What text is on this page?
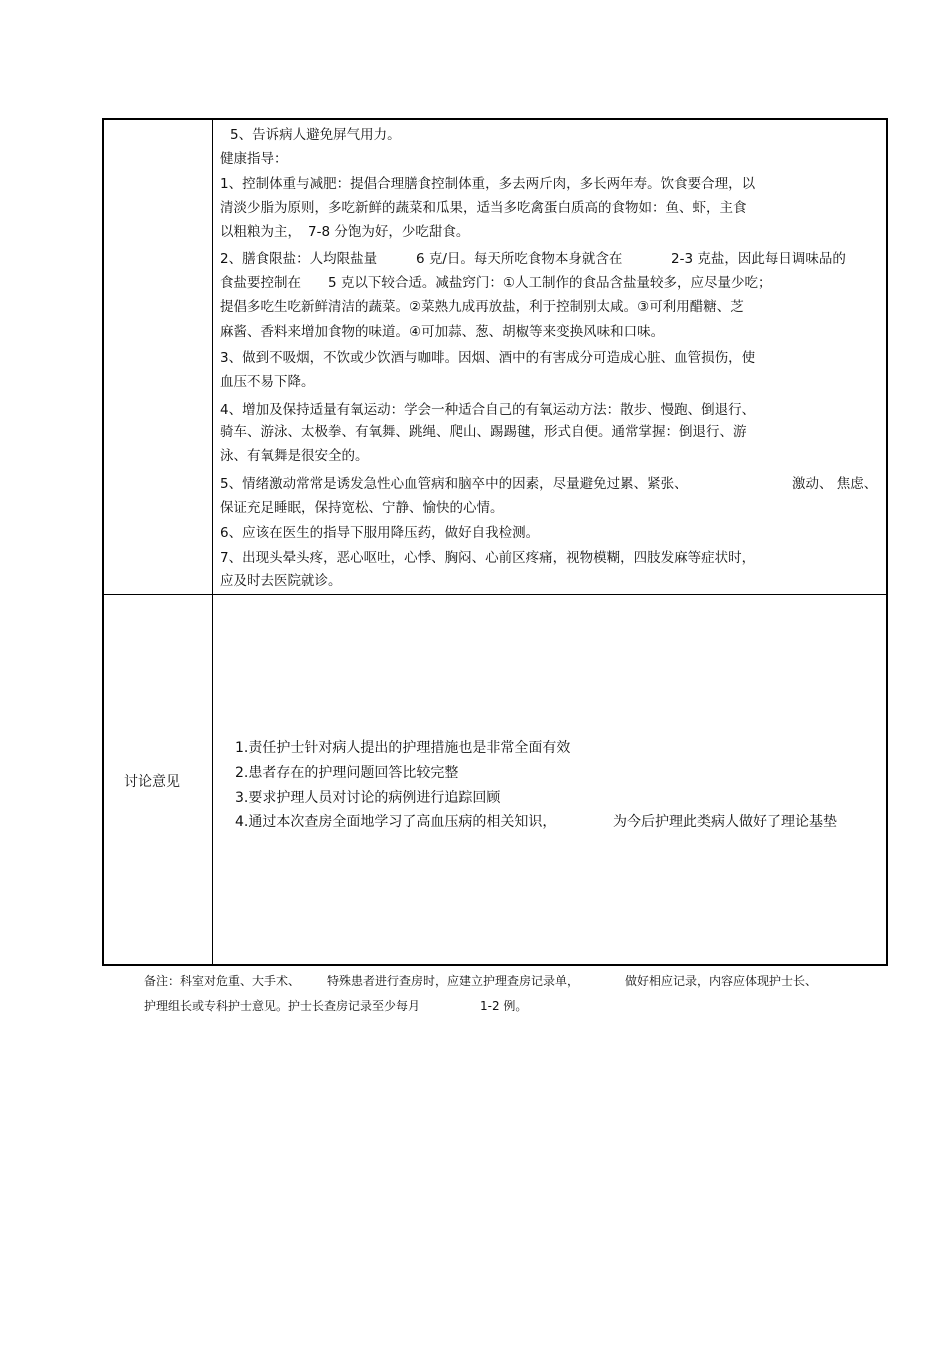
5、告诉病人避免屏气用力。
健康指导：
1、控制体重与减肥：提倡合理膳食控制体重，多去两斤肉，多长两年寿。饮食要合理，以
清淡少脂为原则，多吃新鲜的蔬菜和瓜果，适当多吃禽蛋白质高的食物如：鱼、虾，主食
以粗粮为主， 7-8 分饱为好，少吃甜食。
2、膳食限盐：人均限盐量	6 克/日。每天所吃食物本身就含在	2-3 克盐，因此每日调味品的
食盐要控制在 5 克以下较合适。减盐窍门：①人工制作的食品含盐量较多，应尽量少吃；
提倡多吃生吃新鲜清洁的蔬菜。②菜熟九成再放盐，利于控制别太咸。③可利用醋糖、芝
麻酱、香料来增加食物的味道。④可加蒜、葱、胡椒等来变换风味和口味。
3、做到不吸烟，不饮或少饮酒与咖啡。因烟、酒中的有害成分可造成心脏、血管损伤，使
血压不易下降。
4、增加及保持适量有氧运动：学会一种适合自己的有氧运动方法：散步、慢跑、倒退行、
骑车、游泳、太极拳、有氧舞、跳绳、爬山、踢踢毽，形式自便。通常掌握：倒退行、游
泳、有氧舞是很安全的。
5、情绪激动常常是诱发急性心血管病和脑卒中的因素，尽量避免过累、紧张、	激动、 焦虑、
保证充足睡眠，保持宽松、宁静、愉快的心情。
6、应该在医生的指导下服用降压药，做好自我检测。
7、出现头晕头疼，恶心呕吐，心悸、胸闷、心前区疼痛，视物模糊，四肢发麻等症状时，
应及时去医院就诊。
讨论意见
1.责任护士针对病人提出的护理措施也是非常全面有效
2.患者存在的护理问题回答比较完整
3.要求护理人员对讨论的病例进行追踪回顾
4.通过本次查房全面地学习了高血压病的相关知识，	为今后护理此类病人做好了理论基垫
备注：科室对危重、大手术、 特殊患者进行查房时，应建立护理查房记录单，	做好相应记录，内容应体现护士长、
护理组长或专科护士意见。护士长查房记录至少每月	1-2 例。
